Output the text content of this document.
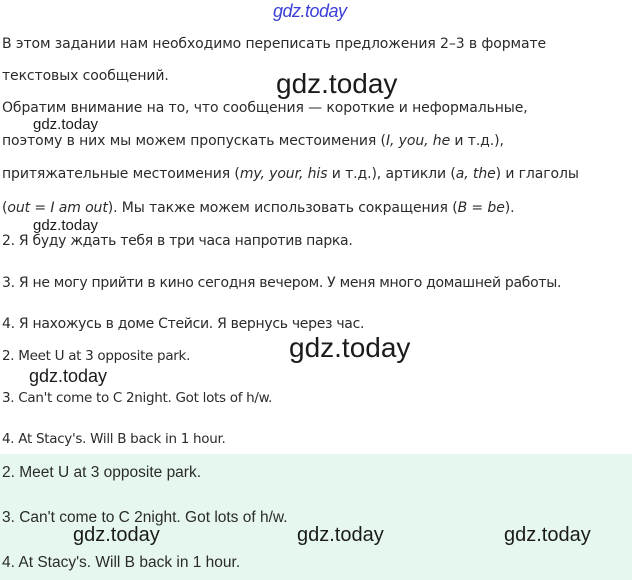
gdz.today
В этом задании нам необходимо переписать предложения 2–3 в формате
текстовых сообщений.
Обратим внимание на то, что сообщения — короткие и неформальные,
поэтому в них мы можем пропускать местоимения (I, you, he и т.д.),
притяжательные местоимения (my, your, his и т.д.), артикли (a, the) и глаголы
(out = I am out). Мы также можем использовать сокращения (B = be).
2. Я буду ждать тебя в три часа напротив парка.
3. Я не могу прийти в кино сегодня вечером. У меня много домашней работы.
4. Я нахожусь в доме Стейси. Я вернусь через час.
2. Meet U at 3 opposite park.
3. Can't come to C 2night. Got lots of h/w.
4. At Stacy's. Will B back in 1 hour.
2. Meet U at 3 opposite park.
3. Can't come to C 2night. Got lots of h/w.
4. At Stacy's. Will B back in 1 hour.
gdz.today
gdz.today
gdz.today
gdz.today
gdz.today
gdz.today	gdz.today	gdz.today
